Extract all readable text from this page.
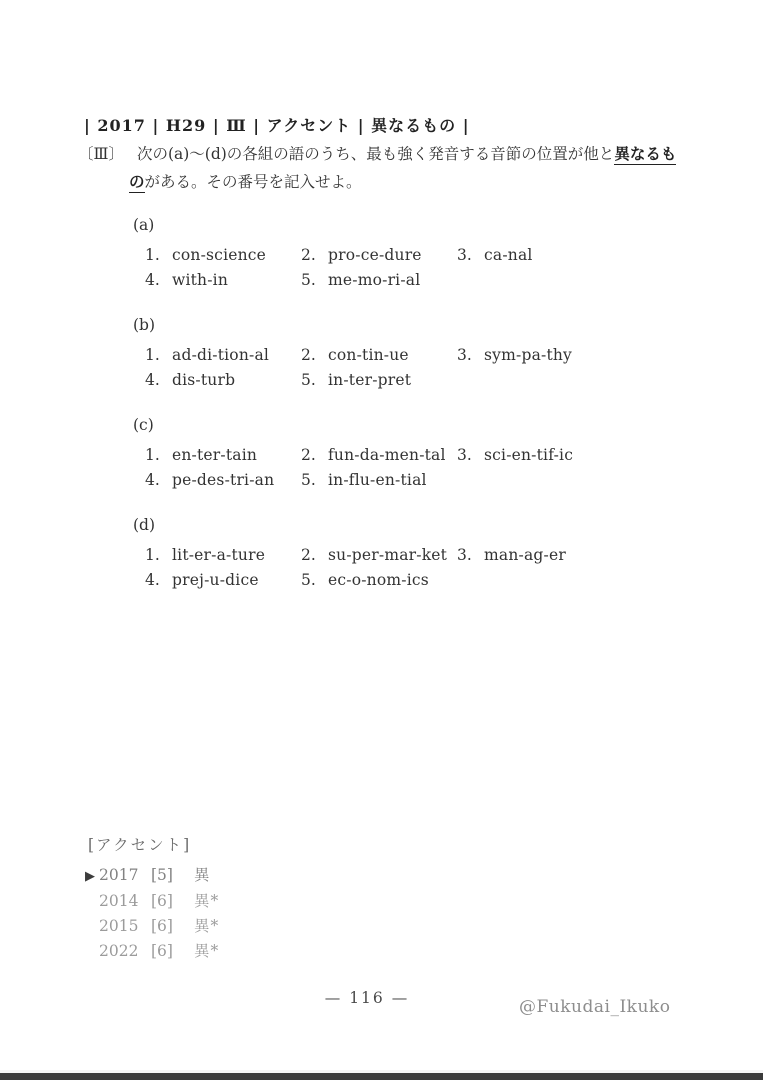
| 2017 | H29 | Ⅲ | アクセント | 異なるもの |
〔Ⅲ〕 次の(a)～(d)の各組の語のうち、最も強く発音する音節の位置が他と異なるも
のがある。その番号を記入せよ。
(a)
1. con-science 2. pro-ce-dure 3. ca-nal
4. with-in	5. me-mo-ri-al
(b)
1. ad-di-tion-al 2. con-tin-ue	3. sym-pa-thy
4. dis-turb	5. in-ter-pret
(c)
1. en-ter-tain	2. fun-da-men-tal 3. sci-en-tif-ic
4. pe-des-tri-an 5. in-flu-en-tial
(d)
1. lit-er-a-ture 2. su-per-mar-ket 3. man-ag-er
4. prej-u-dice	5. ec-o-nom-ics
[アクセント]
▶ 2017 [5] 異
2014 [6] 異*
2015 [6] 異*
2022 [6] 異*
— 116 —	@Fukudai_Ikuko
